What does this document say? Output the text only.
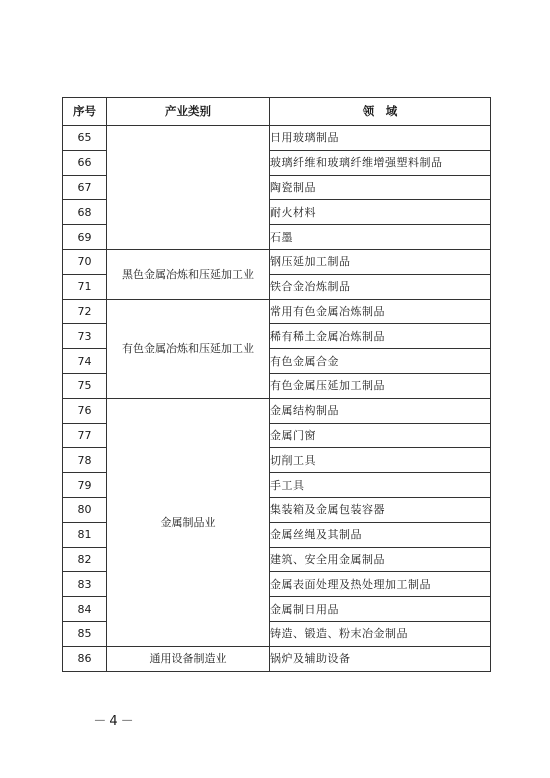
序号	产业类别	领　域
65		日用玻璃制品
66		玻璃纤维和玻璃纤维增强塑料制品
67		陶瓷制品
68		耐火材料
69		石墨
70	黑色金属冶炼和压延加工业	钢压延加工制品
71		铁合金冶炼制品
72	有色金属冶炼和压延加工业	常用有色金属冶炼制品
73		稀有稀土金属冶炼制品
74		有色金属合金
75		有色金属压延加工制品
76	金属制品业	金属结构制品
77		金属门窗
78		切削工具
79		手工具
80		集装箱及金属包装容器
81		金属丝绳及其制品
82		建筑、安全用金属制品
83		金属表面处理及热处理加工制品
84		金属制日用品
85		铸造、锻造、粉末冶金制品
86	通用设备制造业	锅炉及辅助设备
－4－
